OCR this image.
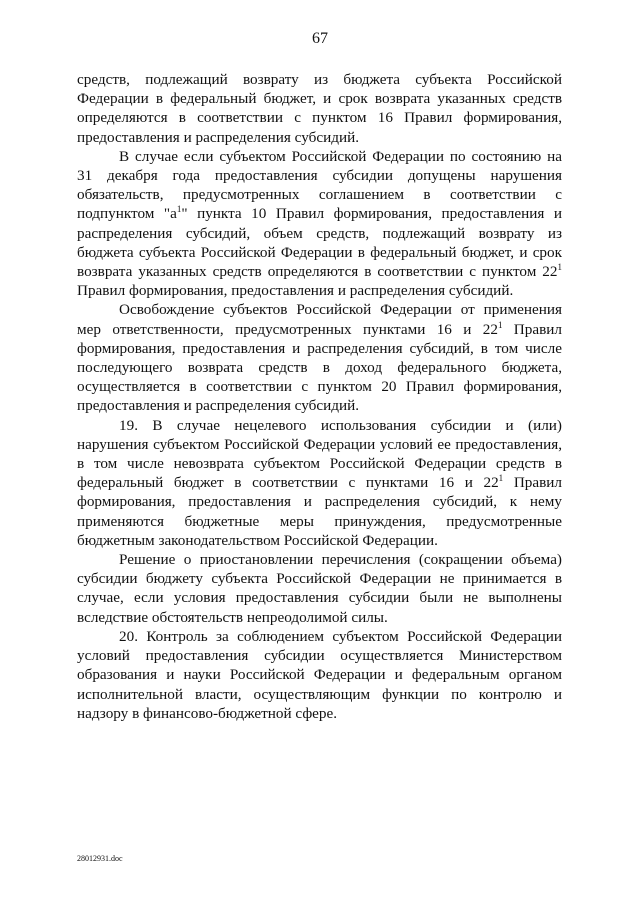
67

средств, подлежащий возврату из бюджета субъекта Российской Федерации в федеральный бюджет, и срок возврата указанных средств определяются в соответствии с пунктом 16 Правил формирования, предоставления и распределения субсидий.

В случае если субъектом Российской Федерации по состоянию на 31 декабря года предоставления субсидии допущены нарушения обязательств, предусмотренных соглашением в соответствии с подпунктом "$а^1$" пункта 10 Правил формирования, предоставления и распределения субсидий, объем средств, подлежащий возврату из бюджета субъекта Российской Федерации в федеральный бюджет, и срок возврата указанных средств определяются в соответствии с пунктом $22^1$ Правил формирования, предоставления и распределения субсидий.

Освобождение субъектов Российской Федерации от применения мер ответственности, предусмотренных пунктами 16 и $22^1$ Правил формирования, предоставления и распределения субсидий, в том числе последующего возврата средств в доход федерального бюджета, осуществляется в соответствии с пунктом 20 Правил формирования, предоставления и распределения субсидий.

19. В случае нецелевого использования субсидии и (или) нарушения субъектом Российской Федерации условий ее предоставления, в том числе невозврата субъектом Российской Федерации средств в федеральный бюджет в соответствии с пунктами 16 и $22^1$ Правил формирования, предоставления и распределения субсидий, к нему применяются бюджетные меры принуждения, предусмотренные бюджетным законодательством Российской Федерации.

Решение о приостановлении перечисления (сокращении объема) субсидии бюджету субъекта Российской Федерации не принимается в случае, если условия предоставления субсидии были не выполнены вследствие обстоятельств непреодолимой силы.

20. Контроль за соблюдением субъектом Российской Федерации условий предоставления субсидии осуществляется Министерством образования и науки Российской Федерации и федеральным органом исполнительной власти, осуществляющим функции по контролю и надзору в финансово-бюджетной сфере.

28012931.doc
